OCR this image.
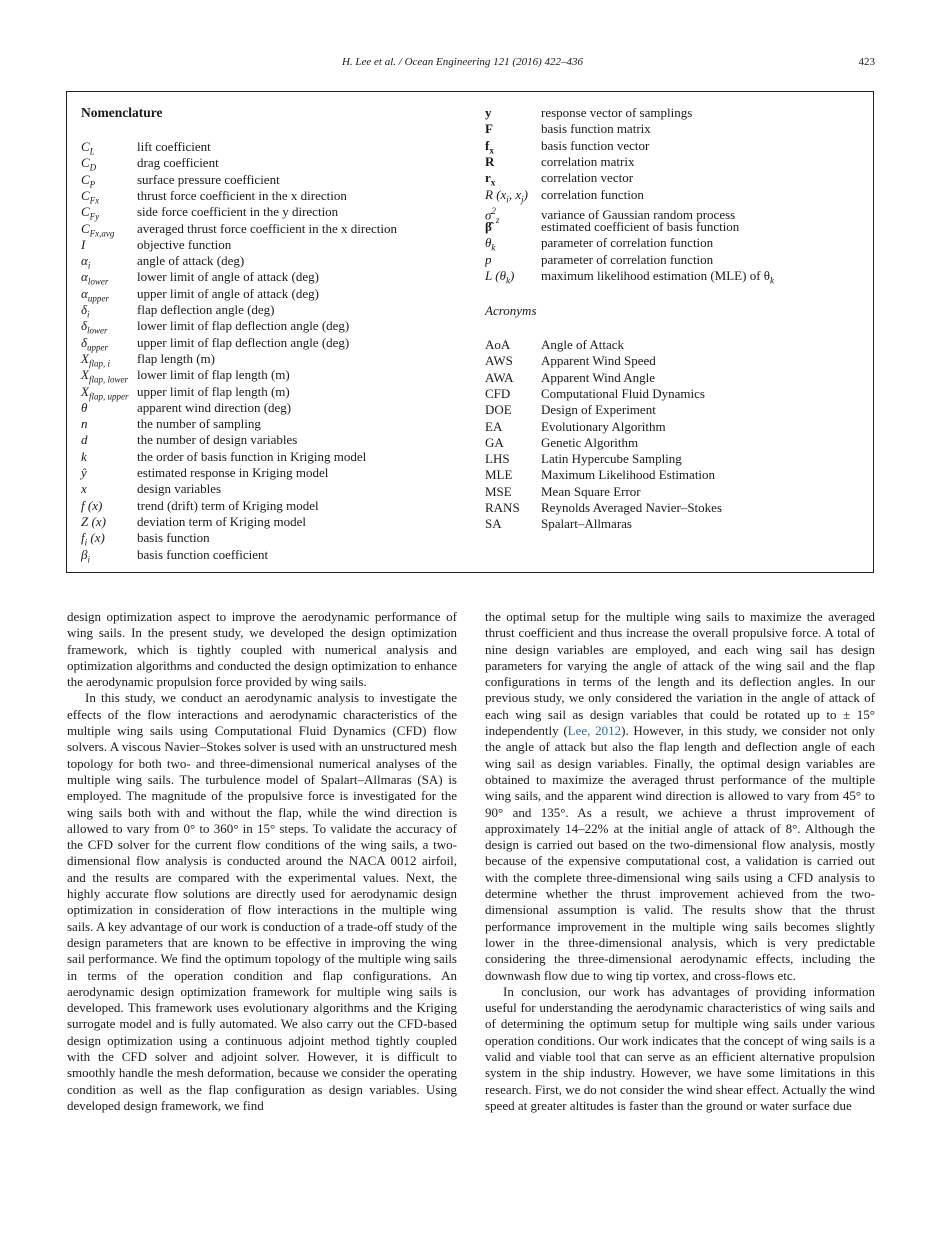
H. Lee et al. / Ocean Engineering 121 (2016) 422–436	423
Nomenclature
$C_L$	lift coefficient
$C_D$	drag coefficient
$C_P$	surface pressure coefficient
$C_{Fx}$	thrust force coefficient in the x direction
$C_{Fy}$	side force coefficient in the y direction
$C_{Fx,avg}$ averaged thrust force coefficient in the x direction
I	objective function
$\alpha_i$	angle of attack (deg)
$\alpha_{lower}$ lower limit of angle of attack (deg)
$\alpha_{upper}$ upper limit of angle of attack (deg)
$\delta_i$	flap deflection angle (deg)
$\delta_{lower}$ lower limit of flap deflection angle (deg)
$\delta_{upper}$ upper limit of flap deflection angle (deg)
$X_{flap, i}$ flap length (m)
$X_{flap, lower}$ lower limit of flap length (m)
$X_{flap, upper}$ upper limit of flap length (m)
θ	apparent wind direction (deg)
n	the number of sampling
d	the number of design variables
k	the order of basis function in Kriging model
ŷ	estimated response in Kriging model
x	design variables
f (x)	trend (drift) term of Kriging model
Z (x) deviation term of Kriging model
$f_i$ (x) basis function
$\beta_i$	basis function coefficient
y	response vector of samplings
F	basis function matrix
$f_x$	basis function vector
R	correlation matrix
$r_x$	correlation vector
R ($x_i$, $x_j$) correlation function
$\sigma^2_z$	variance of Gaussian random process
β̂	estimated coefficient of basis function
$\theta_k$	parameter of correlation function
p	parameter of correlation function
L $(\theta_k)$ maximum likelihood estimation (MLE) of $\theta_k$
Acronyms
AoA Angle of Attack
AWS Apparent Wind Speed
AWA Apparent Wind Angle
CFD Computational Fluid Dynamics
DOE Design of Experiment
EA	Evolutionary Algorithm
GA	Genetic Algorithm
LHS Latin Hypercube Sampling
MLE Maximum Likelihood Estimation
MSE Mean Square Error
RANS Reynolds Averaged Navier–Stokes
SA	Spalart–Allmaras

design optimization aspect to improve the aerodynamic performance of wing sails. In the present study, we developed the design optimization framework, which is tightly coupled with numerical analysis and optimization algorithms and conducted the design optimization to enhance the aerodynamic propulsion force provided by wing sails.

In this study, we conduct an aerodynamic analysis to investigate the effects of the flow interactions and aerodynamic characteristics of the multiple wing sails using Computational Fluid Dynamics (CFD) flow solvers. A viscous Navier–Stokes solver is used with an unstructured mesh topology for both two- and three-dimensional numerical analyses of the multiple wing sails. The turbulence model of Spalart–Allmaras (SA) is employed. The magnitude of the propulsive force is investigated for the wing sails both with and without the flap, while the wind direction is allowed to vary from 0° to 360° in 15° steps. To validate the accuracy of the CFD solver for the current flow conditions of the wing sails, a two-dimensional flow analysis is conducted around the NACA 0012 airfoil, and the results are compared with the experimental values. Next, the highly accurate flow solutions are directly used for aerodynamic design optimization in consideration of flow interactions in the multiple wing sails. A key advantage of our work is conduction of a trade-off study of the design parameters that are known to be effective in improving the wing sail performance. We find the optimum topology of the multiple wing sails in terms of the operation condition and flap configurations. An aerodynamic design optimization framework for multiple wing sails is developed. This framework uses evolutionary algorithms and the Kriging surrogate model and is fully automated. We also carry out the CFD-based design optimization using a continuous adjoint method tightly coupled with the CFD solver and adjoint solver. However, it is difficult to smoothly handle the mesh deformation, because we consider the operating condition as well as the flap configuration as design variables. Using developed design framework, we find

the optimal setup for the multiple wing sails to maximize the averaged thrust coefficient and thus increase the overall propulsive force. A total of nine design variables are employed, and each wing sail has design parameters for varying the angle of attack of the wing sail and the flap configurations in terms of the length and its deflection angles. In our previous study, we only considered the variation in the angle of attack of each wing sail as design variables that could be rotated up to ± 15° independently (Lee, 2012). However, in this study, we consider not only the angle of attack but also the flap length and deflection angle of each wing sail as design variables. Finally, the optimal design variables are obtained to maximize the averaged thrust performance of the multiple wing sails, and the apparent wind direction is allowed to vary from 45° to 90° and 135°. As a result, we achieve a thrust improvement of approximately 14–22% at the initial angle of attack of 8°. Although the design is carried out based on the two-dimensional flow analysis, mostly because of the expensive computational cost, a validation is carried out with the complete three-dimensional wing sails using a CFD analysis to determine whether the thrust improvement achieved from the two-dimensional assumption is valid. The results show that the thrust performance improvement in the multiple wing sails becomes slightly lower in the three-dimensional analysis, which is very predictable considering the three-dimensional aerodynamic effects, including the downwash flow due to wing tip vortex, and cross-flows etc.

In conclusion, our work has advantages of providing information useful for understanding the aerodynamic characteristics of wing sails and of determining the optimum setup for multiple wing sails under various operation conditions. Our work indicates that the concept of wing sails is a valid and viable tool that can serve as an efficient alternative propulsion system in the ship industry. However, we have some limitations in this research. First, we do not consider the wind shear effect. Actually the wind speed at greater altitudes is faster than the ground or water surface due
